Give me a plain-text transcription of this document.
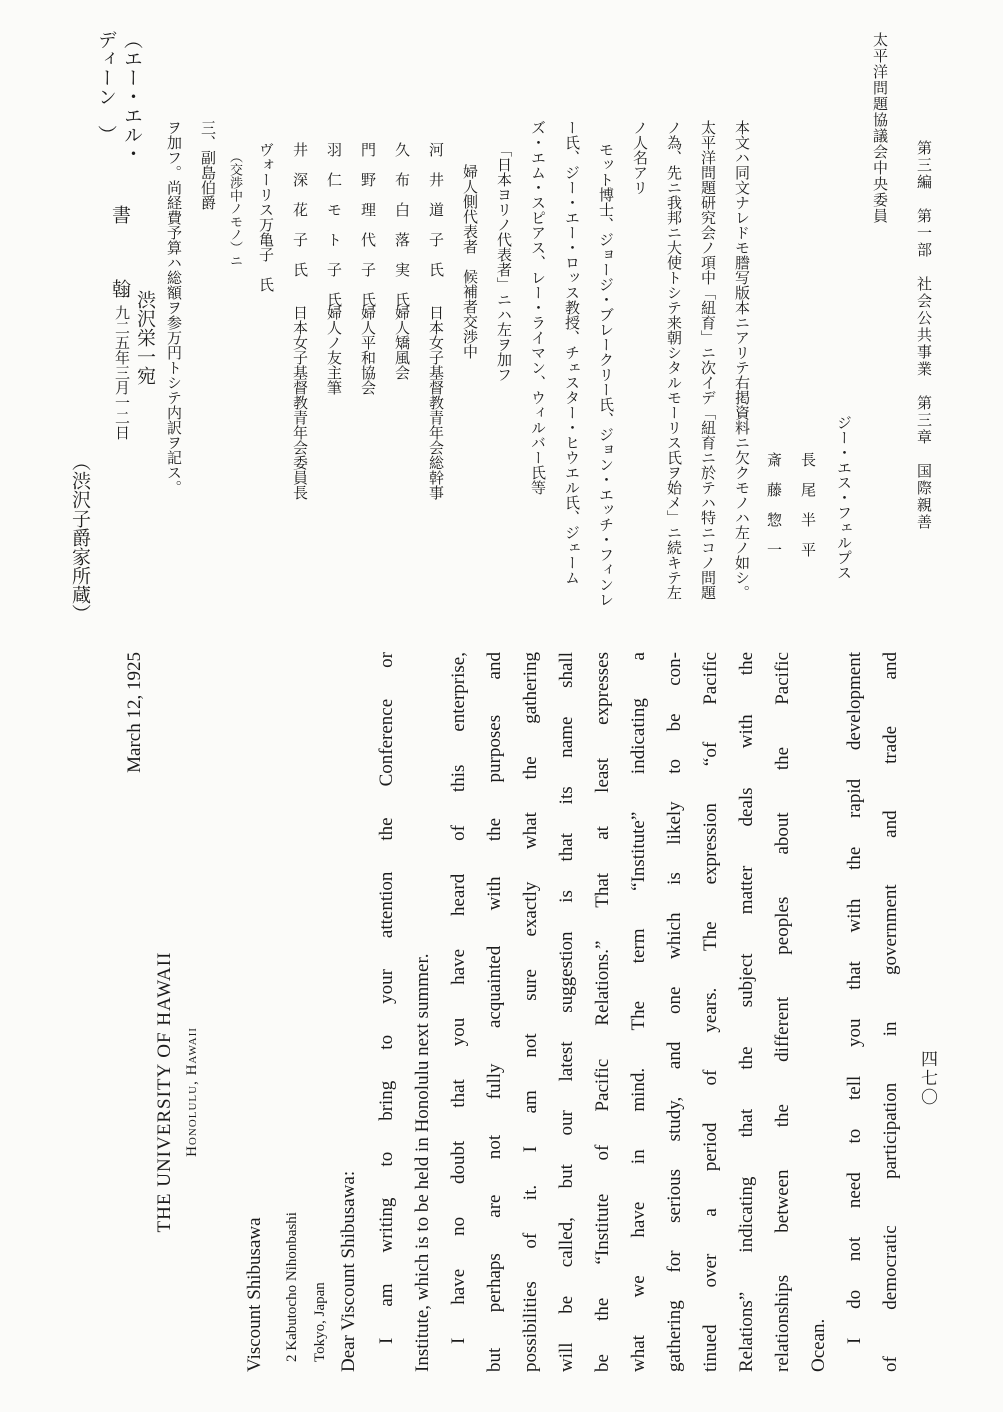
四七〇
第三編　第一部　社会公共事業　第三章　国際親善
太平洋問題協議会中央委員
ジー・エス・フェルプス
長　尾　半　平
斎　藤　惣　一
本文ハ同文ナレドモ謄写版本ニアリテ右掲資料ニ欠クモノハ左ノ如シ。
太平洋問題研究会ノ項中「紐育」ニ次イデ「紐育ニ於テハ特ニコノ問題
ノ為、先ニ我邦ニ大使トシテ来朝シタルモーリス氏ヲ始メ」ニ続キテ左
ノ人名アリ
モット博士、ジョージ・ブレークリー氏、ジョン・エッチ・フィンレ
ー氏、ジー・エー・ロッス教授、チェスター・ヒウエル氏、ジェーム
ズ・エム・スピアス、レー・ライマン、ウィルバー氏等
「日本ヨリノ代表者」ニハ左ヲ加フ
婦人側代表者　候補者交渉中
河　井　道　子　氏
日本女子基督教青年会総幹事
久　布　白　落　実　氏
婦人矯風会
門　野　理　代　子　氏
婦人平和協会
羽　仁　モ　ト　子　氏
婦人ノ友主筆
井　深　花　子　氏
日本女子基督教青年会委員長
ヴォーリス万亀子　氏
（交渉中ノモノ）ニ
三、副島伯爵
ヲ加フ。尚経費予算ハ総額ヲ参万円トシテ内訳ヲ記ス。
（エー・エル・
ディーン　）
書　翰
渋沢栄一宛
一九二五年三月一二日
（渋沢子爵家所蔵）
March 12, 1925
THE UNIVERSITY OF HAWAII Honolulu, Hawaii
Viscount Shibusawa 2 Kabutocho Nihonbashi Tokyo, Japan Dear Viscount Shibusawa: I am writing to bring to your attention the Conference or Institute, which is to be held in Honolulu next summer. I have no doubt that you have heard of this enterprise, but perhaps are not fully acquainted with the purposes and possibilities of it. I am not sure exactly what the gathering will be called, but our latest suggestion is that its name shall be the “Institute of Pacific Relations.” That at least expresses what we have in mind. The term “Institute” indicating a gathering for serious study, and one which is likely to be con- tinued over a period of years. The expression “of Pacific Relations” indicating that the subject matter deals with the relationships between the different peoples about the Pacific Ocean.
I do not need to tell you that with the rapid development of democratic participation in government and trade and
